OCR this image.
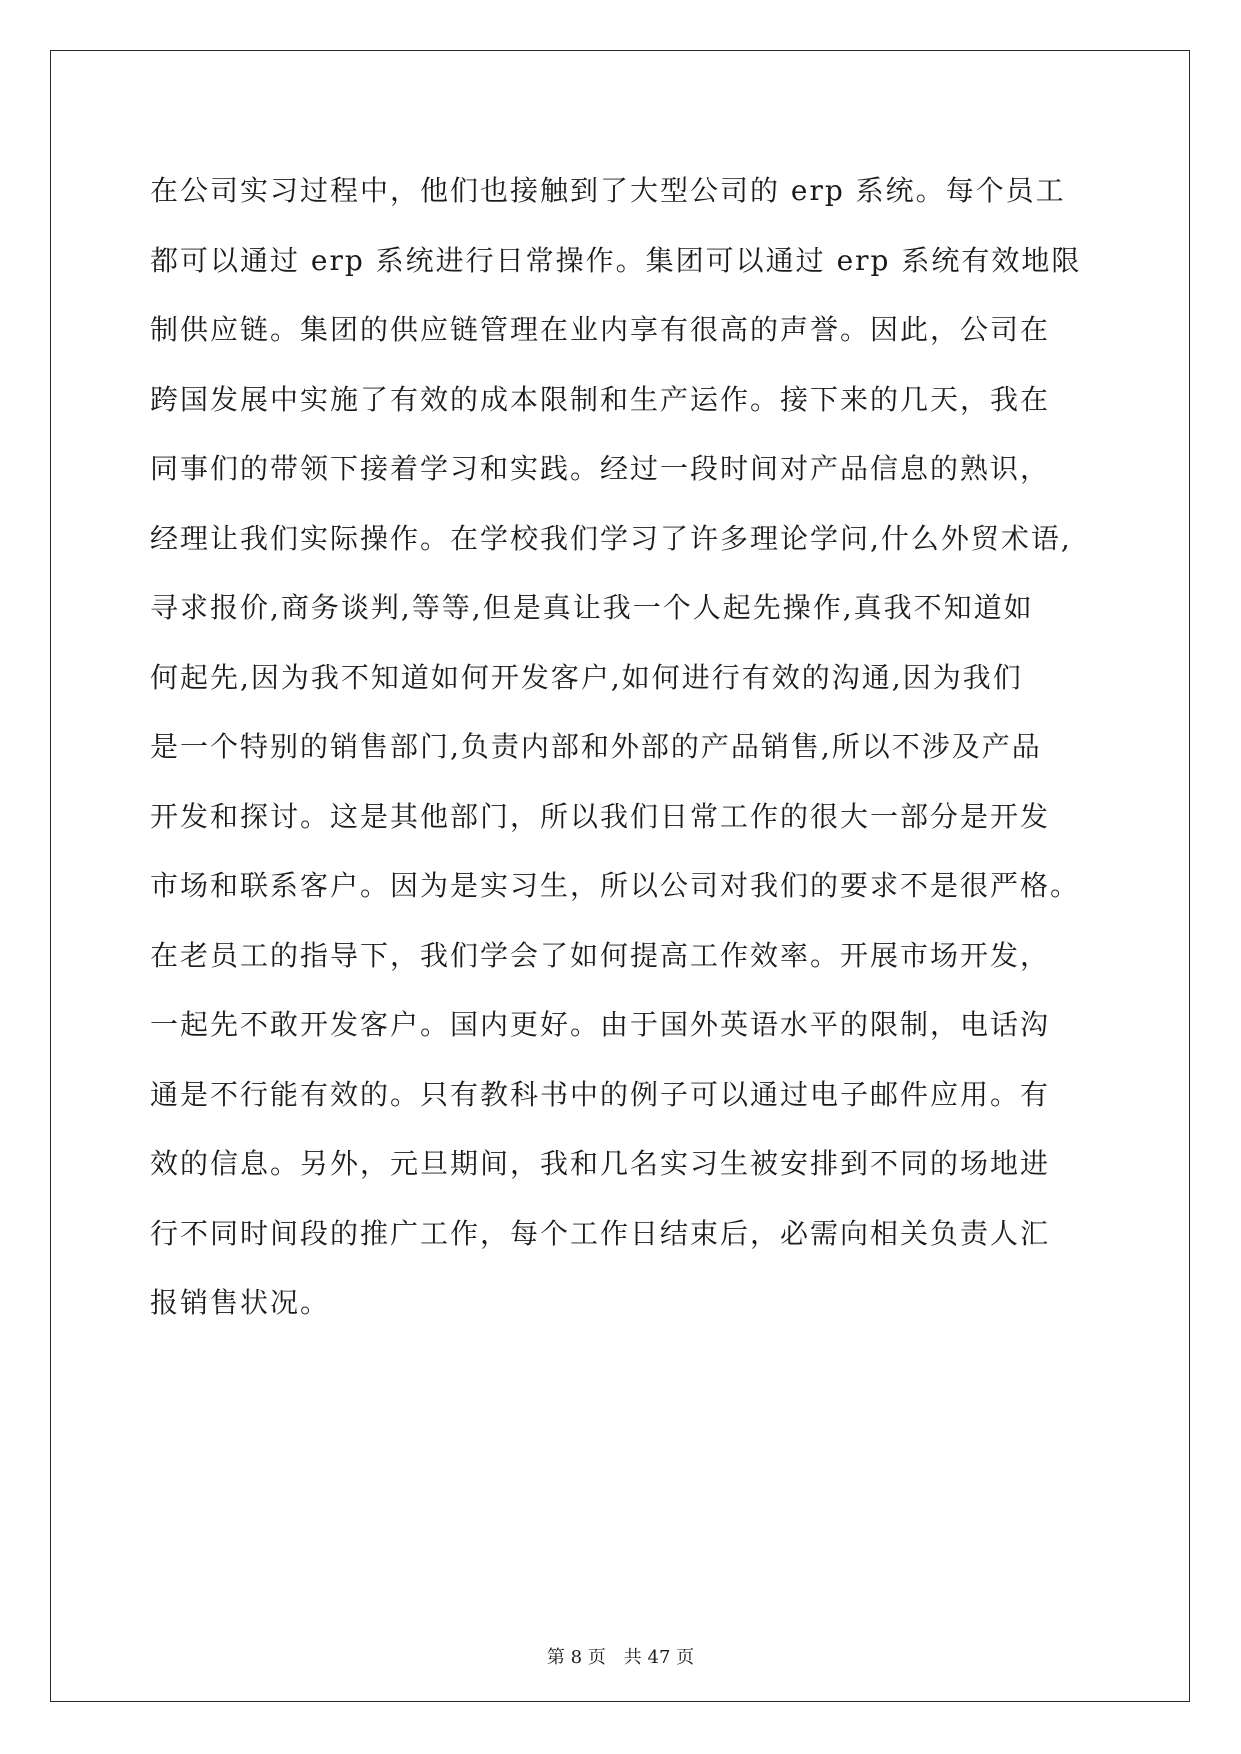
在公司实习过程中，他们也接触到了大型公司的 erp 系统。每个员工
都可以通过 erp 系统进行日常操作。集团可以通过 erp 系统有效地限
制供应链。集团的供应链管理在业内享有很高的声誉。因此，公司在
跨国发展中实施了有效的成本限制和生产运作。接下来的几天，我在
同事们的带领下接着学习和实践。经过一段时间对产品信息的熟识，
经理让我们实际操作。在学校我们学习了许多理论学问,什么外贸术语,
寻求报价,商务谈判,等等,但是真让我一个人起先操作,真我不知道如
何起先,因为我不知道如何开发客户,如何进行有效的沟通,因为我们
是一个特别的销售部门,负责内部和外部的产品销售,所以不涉及产品
开发和探讨。这是其他部门，所以我们日常工作的很大一部分是开发
市场和联系客户。因为是实习生，所以公司对我们的要求不是很严格。
在老员工的指导下，我们学会了如何提高工作效率。开展市场开发，
一起先不敢开发客户。国内更好。由于国外英语水平的限制，电话沟
通是不行能有效的。只有教科书中的例子可以通过电子邮件应用。有
效的信息。另外，元旦期间，我和几名实习生被安排到不同的场地进
行不同时间段的推广工作，每个工作日结束后，必需向相关负责人汇
报销售状况。
第 8 页 共 47 页
